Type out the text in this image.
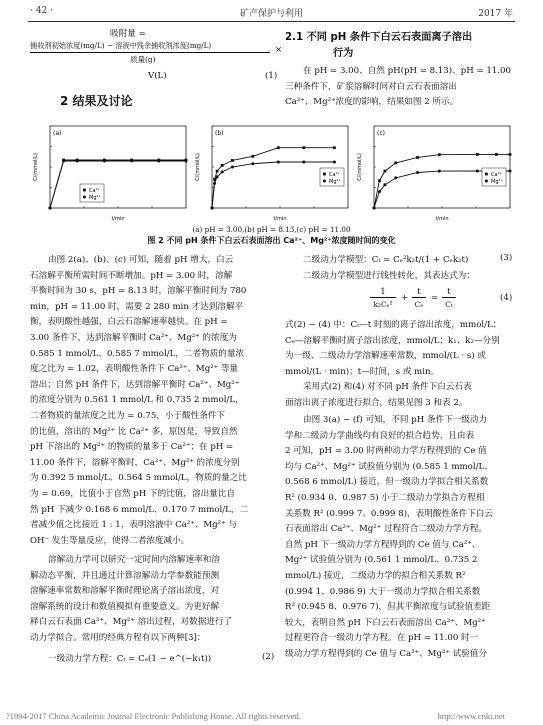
· 42 ·	矿产保护与利用	2017 年
吸附量 =
捕收剂初始浓度(mg/L) − 溶液中残余捕收剂浓度(mg/L)	×
质量(g)
V(L)	(1)
2 结果及讨论
2.1 不同 pH 条件下白云石表面离子溶出
行为
在 pH = 3.00、自然 pH(pH = 8.13)、pH = 11.00
三种条件下，矿浆溶解时间对白云石表面溶出
Ca²⁺、Mg²⁺浓度的影响，结果如图 2 所示。
(a)
C/(mmol/L)
t/min
Ca²⁺
Mg²⁺
(b)
C/(mmol/L)
t/min
Ca²⁺
Mg²⁺
(c)
C/(mmol/L)
t/min
Ca²⁺
Mg²⁺
(a) pH = 3.00,(b) pH = 8.13,(c) pH = 11.00
图 2 不同 pH 条件下白云石表面溶出 Ca²⁺、Mg²⁺浓度随时间的变化
由图 2(a)、(b)、(c) 可知，随着 pH 增大，白云
石溶解平衡所需时间不断增加。pH = 3.00 时，溶解
平衡时间为 30 s，pH = 8.13 时，溶解平衡时间为 780
min，pH = 11.00 时，需要 2 280 min 才达到溶解平
衡，表明酸性越强，白云石溶解速率越快。在 pH =
3.00 条件下，达到溶解平衡时 Ca²⁺、Mg²⁺ 的浓度为
0.585 1 mmol/L、0.585 7 mmol/L，二者物质的量浓
度之比为 = 1.02，表明酸性条件下 Ca²⁺、Mg²⁺ 等量
溶出；自然 pH 条件下，达到溶解平衡时 Ca²⁺、Mg²⁺
的浓度分别为 0.561 1 mmol/L 和 0.735 2 mmol/L，
二者物质的量浓度之比为 = 0.75，小于酸性条件下
的比值，溶出的 Mg²⁺ 比 Ca²⁺ 多，原因是，导致自然
pH 下溶出的 Mg²⁺ 的物质的量多于 Ca²⁺；在 pH =
11.00 条件下，溶解平衡时，Ca²⁺、Mg²⁺ 的浓度分别
为 0.392 5 mmol/L、0.564 5 mmol/L，物质的量之比
为 = 0.69，比值小于自然 pH 下的比值，溶出量比自
然 pH 下减少 0.168 6 mmol/L、0.170 7 mmol/L，二
者减少值之比接近 1 : 1，表明溶液中 Ca²⁺、Mg²⁺ 与
OH⁻ 发生等量反应，使得二者浓度减小。
溶解动力学可以研究一定时间内溶解速率和溶
解动态平衡，并且通过计算溶解动力学参数能预测
溶解速率常数和溶解平衡时理论离子溶出浓度，对
溶解系统的设计和数值模拟有重要意义。为更好解
释白云石表面 Ca²⁺、Mg²⁺ 溶出过程，对数据进行了
动力学拟合。常用的经典方程有以下两种[3]：
一级动力学方程：Cₜ = Cₑ(1 − e^(−k₁t))	(2)
二级动力学模型：Cₜ = Cₑ²k₂t/(1 + Cₑk₂t)	(3)
二级动力学模型进行线性转化，其表达式为：
1
k₂Cₑ²
+
t
Cₑ
=
t
Cₜ
(4)
式(2) − (4) 中：Cₜ—t 时刻的离子溶出浓度，mmol/L；
Cₑ—溶解平衡时离子溶出浓度，mmol/L；k₁、k₂—分别
为一级、二级动力学溶解速率常数，mmol/(L · s) 或
mmol/(L · min)；t—时间，s 或 min。
采用式(2) 和(4) 对不同 pH 条件下白云石表
面溶出离子浓度进行拟合，结果见图 3 和表 2。
由图 3(a) − (f) 可知，不同 pH 条件下一级动力
学和二级动力学曲线均有良好的拟合趋势，且由表
2 可知，pH = 3.00 时两种动力学方程得到的 Ce 值
均与 Ca²⁺、Mg²⁺ 试验值分别为 (0.585 1 mmol/L、
0.568 6 mmol/L) 接近，但一级动力学拟合相关系数
R² (0.934 0、0.987 5) 小于二级动力学拟合方程相
关系数 R² (0.999 7、0.999 8)，表明酸性条件下白云
石表面溶出 Ca²⁺、Mg²⁺ 过程符合二级动力学方程。
自然 pH 下一级动力学方程得到的 Ce 值与 Ca²⁺、
Mg²⁺ 试验值分别为 (0.561 1 mmol/L、0.735 2
mmol/L) 接近，二级动力学的拟合相关系数 R²
(0.994 1、0.986 9) 大于一级动力学拟合相关系数
R² (0.945 8、0.976 7)，但其平衡浓度与试验值差距
较大，表明自然 pH 下白云石表面溶出 Ca²⁺、Mg²⁺
过程更符合一级动力学方程。在 pH = 11.00 时一
级动力学方程得到的 Ce 值与 Ca²⁺、Mg²⁺ 试验值分
?1994-2017 China Academic Journal Electronic Publishing House. All rights reserved.	http://www.cnki.net
